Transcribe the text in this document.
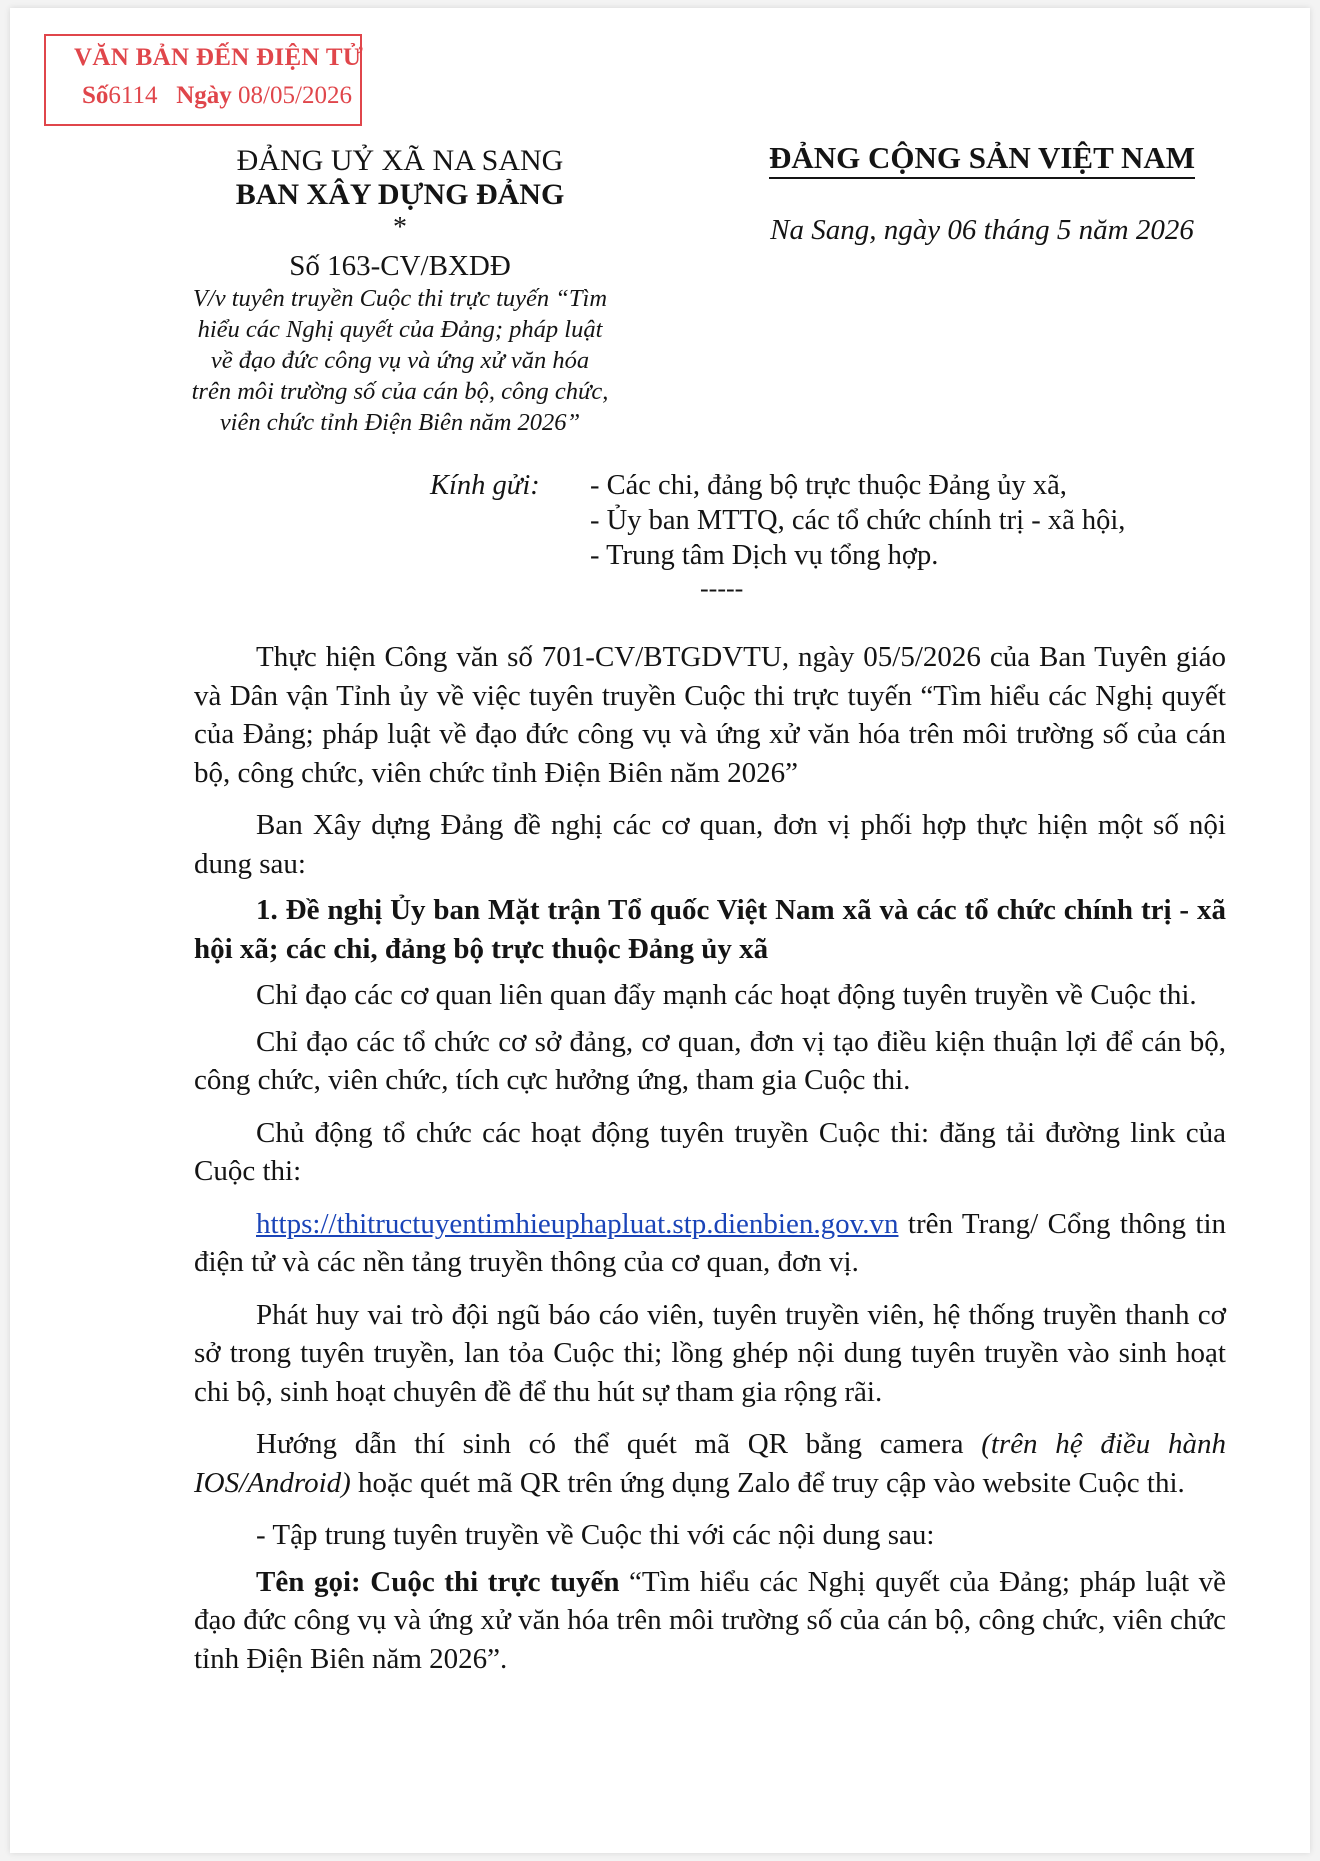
VĂN BẢN ĐẾN ĐIỆN TỬ
Số6114 Ngày 08/05/2026
ĐẢNG UỶ XÃ NA SANG
BAN XÂY DỰNG ĐẢNG
*
Số 163-CV/BXDĐ
V/v tuyên truyền Cuộc thi trực tuyến “Tìm hiểu các Nghị quyết của Đảng; pháp luật về đạo đức công vụ và ứng xử văn hóa trên môi trường số của cán bộ, công chức, viên chức tỉnh Điện Biên năm 2026”
ĐẢNG CỘNG SẢN VIỆT NAM
Na Sang, ngày 06 tháng 5 năm 2026
Kính gửi: - Các chi, đảng bộ trực thuộc Đảng ủy xã,
- Ủy ban MTTQ, các tổ chức chính trị - xã hội,
- Trung tâm Dịch vụ tổng hợp.
-----

Thực hiện Công văn số 701-CV/BTGDVTU, ngày 05/5/2026 của Ban Tuyên giáo và Dân vận Tỉnh ủy về việc tuyên truyền Cuộc thi trực tuyến “Tìm hiểu các Nghị quyết của Đảng; pháp luật về đạo đức công vụ và ứng xử văn hóa trên môi trường số của cán bộ, công chức, viên chức tỉnh Điện Biên năm 2026”

Ban Xây dựng Đảng đề nghị các cơ quan, đơn vị phối hợp thực hiện một số nội dung sau:

1. Đề nghị Ủy ban Mặt trận Tổ quốc Việt Nam xã và các tổ chức chính trị - xã hội xã; các chi, đảng bộ trực thuộc Đảng ủy xã

Chỉ đạo các cơ quan liên quan đẩy mạnh các hoạt động tuyên truyền về Cuộc thi.

Chỉ đạo các tổ chức cơ sở đảng, cơ quan, đơn vị tạo điều kiện thuận lợi để cán bộ, công chức, viên chức, tích cực hưởng ứng, tham gia Cuộc thi.

Chủ động tổ chức các hoạt động tuyên truyền Cuộc thi: đăng tải đường link của Cuộc thi:

https://thitructuyentimhieuphapluat.stp.dienbien.gov.vn trên Trang/ Cổng thông tin điện tử và các nền tảng truyền thông của cơ quan, đơn vị.

Phát huy vai trò đội ngũ báo cáo viên, tuyên truyền viên, hệ thống truyền thanh cơ sở trong tuyên truyền, lan tỏa Cuộc thi; lồng ghép nội dung tuyên truyền vào sinh hoạt chi bộ, sinh hoạt chuyên đề để thu hút sự tham gia rộng rãi.

Hướng dẫn thí sinh có thể quét mã QR bằng camera (trên hệ điều hành IOS/Android) hoặc quét mã QR trên ứng dụng Zalo để truy cập vào website Cuộc thi.

- Tập trung tuyên truyền về Cuộc thi với các nội dung sau:

Tên gọi: Cuộc thi trực tuyến “Tìm hiểu các Nghị quyết của Đảng; pháp luật về đạo đức công vụ và ứng xử văn hóa trên môi trường số của cán bộ, công chức, viên chức tỉnh Điện Biên năm 2026”.
